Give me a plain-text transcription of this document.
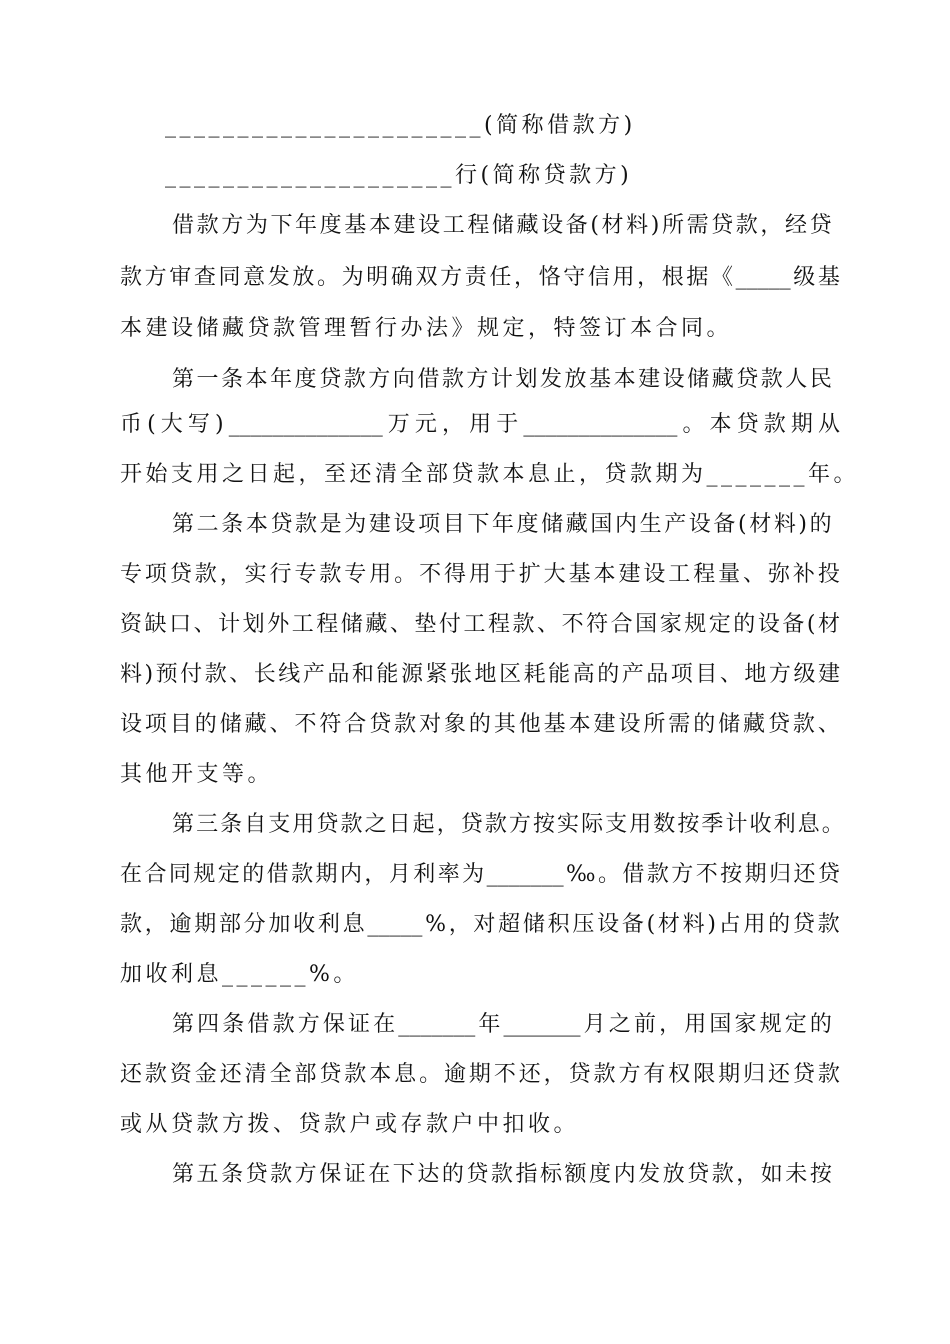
______________________(简称借款方)
____________________行(简称贷款方)
借 款 方 为 下 年 度 基 本 建 设 工 程 储 藏 设 备 ( 材 料 ) 所 需 贷 款 ， 经 贷
款 方 审 查 同 意 发 放 。 为 明 确 双 方 责 任 ， 恪 守 信 用 ， 根 据 《 _____ 级 基
本建设储藏贷款管理暂行办法》规定，特签订本合同。
第 一 条 本 年 度 贷 款 方 向 借 款 方 计 划 发 放 基 本 建 设 储 藏 贷 款 人 民
币 ( 大 写 ) ______________ 万 元 ， 用 于 ______________ 。 本 贷 款 期 从
开始支用之日起，至还清全部贷款本息止，贷款期为_______年。
第 二 条 本 贷 款 是 为 建 设 项 目 下 年 度 储 藏 国 内 生 产 设 备 ( 材 料 ) 的
专 项 贷 款 ， 实 行 专 款 专 用 。 不 得 用 于 扩 大 基 本 建 设 工 程 量 、 弥 补 投
资 缺 口 、 计 划 外 工 程 储 藏 、 垫 付 工 程 款 、 不 符 合 国 家 规 定 的 设 备 ( 材
料 ) 预 付 款 、 长 线 产 品 和 能 源 紧 张 地 区 耗 能 高 的 产 品 项 目 、 地 方 级 建
设 项 目 的 储 藏 、 不 符 合 贷 款 对 象 的 其 他 基 本 建 设 所 需 的 储 藏 贷 款 、
其他开支等。
第 三 条 自 支 用 贷 款 之 日 起 ， 贷 款 方 按 实 际 支 用 数 按 季 计 收 利 息 。
在 合 同 规 定 的 借 款 期 内 ， 月 利 率 为 _______ ‰ 。 借 款 方 不 按 期 归 还 贷
款 ， 逾 期 部 分 加 收 利 息 _____ % ， 对 超 储 积 压 设 备 ( 材 料 ) 占 用 的 贷 款
加收利息______%。
第 四 条 借 款 方 保 证 在 _______ 年 _______ 月 之 前 ， 用 国 家 规 定 的
还 款 资 金 还 清 全 部 贷 款 本 息 。 逾 期 不 还 ， 贷 款 方 有 权 限 期 归 还 贷 款
或从贷款方拨、贷款户或存款户中扣收。
第 五 条 贷 款 方 保 证 在 下 达 的 贷 款 指 标 额 度 内 发 放 贷 款 ， 如 未 按
